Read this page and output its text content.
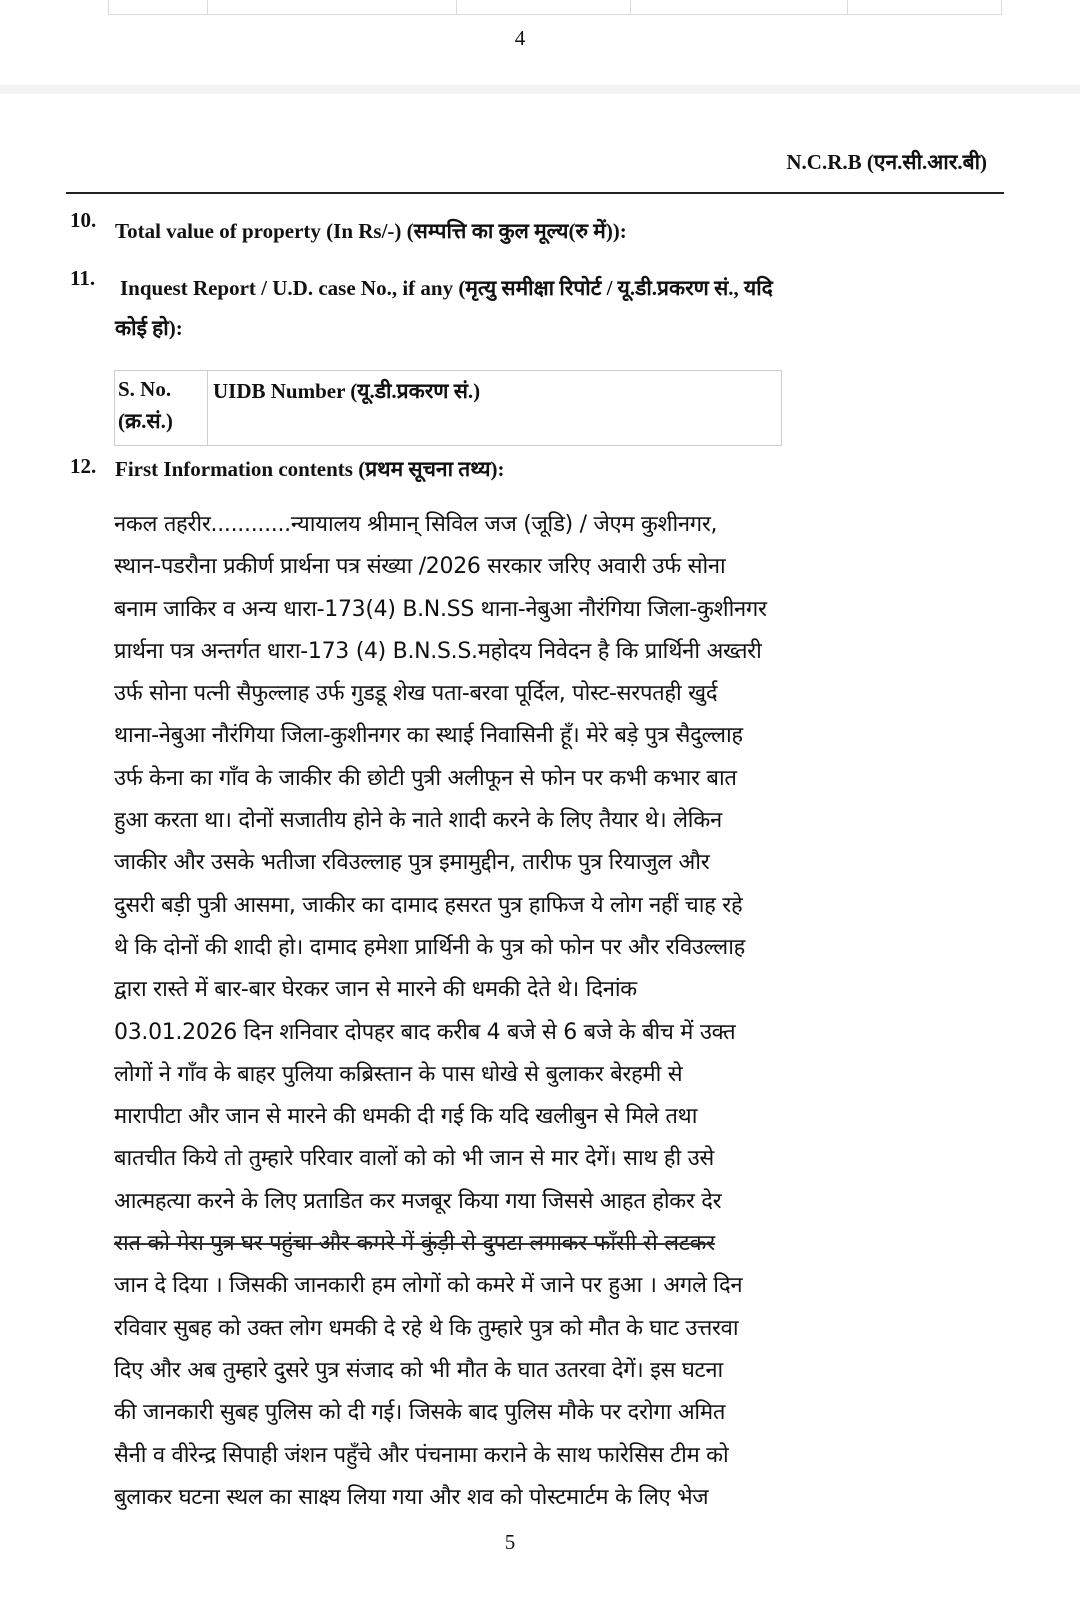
4
N.C.R.B (एन.सी.आर.बी)
10. Total value of property (In Rs/-) (सम्पत्ति का कुल मूल्य(रु में)):
11. Inquest Report / U.D. case No., if any (मृत्यु समीक्षा रिपोर्ट / यू.डी.प्रकरण सं., यदि
कोई हो):
S. No.
(क्र.सं.)
UIDB Number (यू.डी.प्रकरण सं.)
12. First Information contents (प्रथम सूचना तथ्य):
नकल तहरीर............न्यायालय श्रीमान् सिविल जज (जूडि) / जेएम कुशीनगर,
स्थान-पडरौना प्रकीर्ण प्रार्थना पत्र संख्या /2026 सरकार जरिए अवारी उर्फ सोना
बनाम जाकिर व अन्य धारा-173(4) B.N.SS थाना-नेबुआ नौरंगिया जिला-कुशीनगर
प्रार्थना पत्र अन्तर्गत धारा-173 (4) B.N.S.S.महोदय निवेदन है कि प्रार्थिनी अख्तरी
उर्फ सोना पत्नी सैफुल्लाह उर्फ गुडडू शेख पता-बरवा पूर्दिल, पोस्ट-सरपतही खुर्द
थाना-नेबुआ नौरंगिया जिला-कुशीनगर का स्थाई निवासिनी हूँ। मेरे बड़े पुत्र सैदुल्लाह
उर्फ केना का गाँव के जाकीर की छोटी पुत्री अलीफून से फोन पर कभी कभार बात
हुआ करता था। दोनों सजातीय होने के नाते शादी करने के लिए तैयार थे। लेकिन
जाकीर और उसके भतीजा रविउल्लाह पुत्र इमामुद्दीन, तारीफ पुत्र रियाजुल और
दुसरी बड़ी पुत्री आसमा, जाकीर का दामाद हसरत पुत्र हाफिज ये लोग नहीं चाह रहे
थे कि दोनों की शादी हो। दामाद हमेशा प्रार्थिनी के पुत्र को फोन पर और रविउल्लाह
द्वारा रास्ते में बार-बार घेरकर जान से मारने की धमकी देते थे। दिनांक
03.01.2026 दिन शनिवार दोपहर बाद करीब 4 बजे से 6 बजे के बीच में उक्त
लोगों ने गाँव के बाहर पुलिया कब्रिस्तान के पास धोखे से बुलाकर बेरहमी से
मारापीटा और जान से मारने की धमकी दी गई कि यदि खलीबुन से मिले तथा
बातचीत किये तो तुम्हारे परिवार वालों को को भी जान से मार देगें। साथ ही उसे
आत्महत्या करने के लिए प्रताडित कर मजबूर किया गया जिससे आहत होकर देर
रात को मेरा पुत्र घर पहुंचा और कमरे में कुंड़ी से दुपटा लगाकर फाँसी से लटकर
जान दे दिया । जिसकी जानकारी हम लोगों को कमरे में जाने पर हुआ । अगले दिन
रविवार सुबह को उक्त लोग धमकी दे रहे थे कि तुम्हारे पुत्र को मौत के घाट उत्तरवा
दिए और अब तुम्हारे दुसरे पुत्र संजाद को भी मौत के घात उतरवा देगें। इस घटना
की जानकारी सुबह पुलिस को दी गई। जिसके बाद पुलिस मौके पर दरोगा अमित
सैनी व वीरेन्द्र सिपाही जंशन पहुँचे और पंचनामा कराने के साथ फारेसिस टीम को
बुलाकर घटना स्थल का साक्ष्य लिया गया और शव को पोस्टमार्टम के लिए भेज
5
